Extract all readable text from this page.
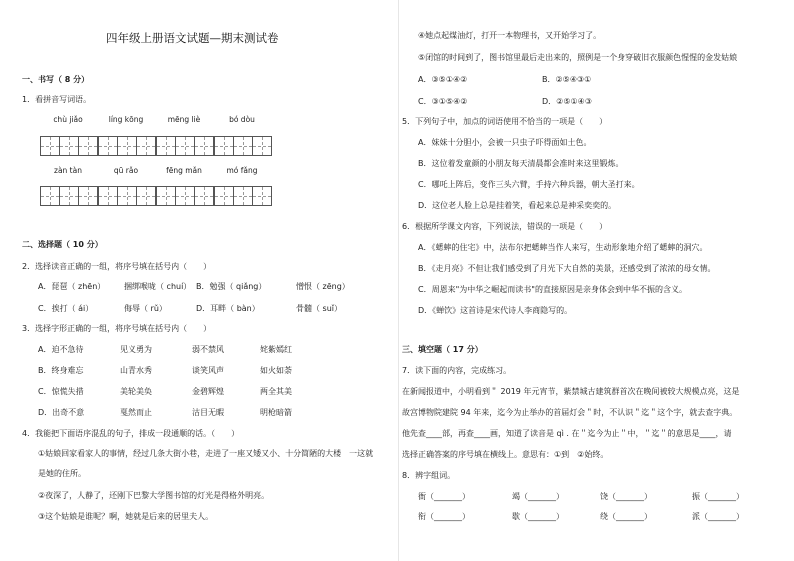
四年级上册语文试题—期末测试卷
一、书写（ 8 分）
1．看拼音写词语。
chù jiǎo	líng kōng	mēng liè	bó dòu
zàn tàn	qū rǎo	fēng mǎn	mó fǎng
二、选择题（ 10 分）
2．选择读音正确的一组，将序号填在括号内（　　）
A．琵琶（ zhēn） 捆绑喉咙（ chuí） B．勉强（ qiǎng）	憎恨（ zēng）
C．挨打（ ái）	侮辱（ rǔ）	D．耳畔（ bàn）	骨髓（ suǐ）
3．选择字形正确的一组，将序号填在括号内（　　）
A．迫不急待	见义勇为	弱不禁风	姹紫嫣红
B．终身难忘	山青水秀	谈笑风声	如火如荼
C．惊慌失措	美轮美奂	金碧辉煌	两全其美
D．出奇不意	戛然而止	沽目无暇	明枪暗箭
4．我能把下面语序混乱的句子，排成一段通顺的话。（　　）
①姑娘回家看家人的事情，经过几条大街小巷，走进了一座又矮又小、十分简陋的大楼　一这就
是她的住所。
②夜深了，人静了，还刚下巴黎大学图书馆的灯光是得格外明亮。
③这个姑娘是谁呢？啊，她就是后来的居里夫人。
④她点起煤油灯，打开一本物理书，又开始学习了。
⑤闭馆的时间到了，图书馆里最后走出来的，照例是一个身穿破旧衣服颜色惺惺的金发姑娘
A．③⑤①④②	B．②⑤④③①
C．③①⑤④②	D．②⑤①④③
5．下列句子中，加点的词语使用不恰当的一项是（　　）
A．妹妹十分胆小，会被一只虫子吓得面如土色。
B．这位着发童颜的小朋友每天清晨都会准时来这里锻炼。
C．哪吒上阵后，变作三头六臂，手持六种兵器，朝大圣打来。
D．这位老人脸上总是挂着笑，看起来总是神采奕奕的。
6．根据所学课文内容，下列说法，错误的一项是（　　）
A．《蟋蟀的住宅》中，法布尔把蟋蟀当作人来写，生动形象地介绍了蟋蟀的洞穴。
B．《走月亮》不但让我们感受到了月光下大自然的美景，还感受到了浓浓的母女情。
C．周恩来"为中华之崛起而读书"的直接原因是亲身体会到中华不振的含义。
D．《蝉饮》这首诗是宋代诗人李商隐写的。
三、填空题（ 17 分）
7．读下面的内容，完成练习。
在新闻报道中，小明看到＂ 2019 年元宵节，紫禁城古建筑群首次在晚间被较大规模点亮，这是
故宫博物院建院 94 年来，迄今为止举办的首届灯会＂时，不认识＂迄＂这个字，就去查字典。
他先查____部，再查____画，知道了读音是 qì . 在＂迄今为止＂中，＂迄＂的意思是____，请
选择正确答案的序号填在横线上。意思有：①到　②始终。
8．辨字组词。
衙（_______）	竭（_______）	饶（_______）	振（_______）
衔（_______）	歇（_______）	绕（_______）	派（_______）
